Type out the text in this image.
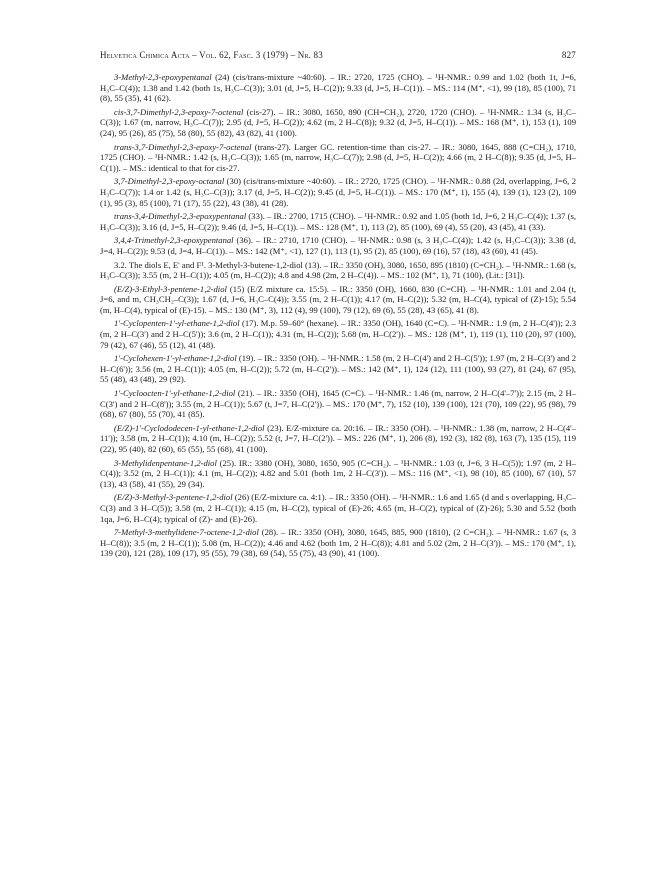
Helvetica Chimica Acta – Vol. 62, Fasc. 3 (1979) – Nr. 83	827

3-Methyl-2,3-epoxypentanal (24) (cis/trans-mixture ~40:60). – IR.: 2720, 1725 (CHO). – ¹H-NMR.: 0.99 and 1.02 (both 1t, J=6, H₃C–C(4)); 1.38 and 1.42 (both 1s, H₃C–C(3)); 3.01 (d, J=5, H–C(2)); 9.33 (d, J=5, H–C(1)). – MS.: 114 (M⁺, <1), 99 (18), 85 (100), 71 (8), 55 (35), 41 (62).

cis-3,7-Dimethyl-2,3-epoxy-7-octenal (cis-27). – IR.: 3080, 1650, 890 (CH=CH₂), 2720, 1720 (CHO). – ¹H-NMR.: 1.34 (s, H₃C–C(3)); 1.67 (m, narrow, H₃C–C(7)); 2.95 (d, J=5, H–C(2)); 4.62 (m, 2 H–C(8)); 9.32 (d, J=5, H–C(1)). – MS.: 168 (M⁺, 1), 153 (1), 109 (24), 95 (26), 85 (75), 58 (80), 55 (82), 43 (82), 41 (100).

trans-3,7-Dimethyl-2,3-epoxy-7-octenal (trans-27). Larger GC. retention-time than cis-27. – IR.: 3080, 1645, 888 (C=CH₂), 1710, 1725 (CHO). – ¹H-NMR.: 1.42 (s, H₃C–C(3)); 1.65 (m, narrow, H₃C–C(7)); 2.98 (d, J=5, H–C(2)); 4.66 (m, 2 H–C(8)); 9.35 (d, J=5, H–C(1)). – MS.: identical to that for cis-27.

3,7-Dimethyl-2,3-epoxy-octanal (30) (cis/trans-mixture ~40:60). – IR.: 2720, 1725 (CHO). – ¹H-NMR.: 0.88 (2d, overlapping, J=6, 2 H₃C–C(7)); 1.4 or 1.42 (s, H₃C–C(3)); 3.17 (d, J=5, H–C(2)); 9.45 (d, J=5, H–C(1)). – MS.: 170 (M⁺, 1), 155 (4), 139 (1), 123 (2), 109 (1), 95 (3), 85 (100), 71 (17), 55 (22), 43 (38), 41 (28).

trans-3,4-Dimethyl-2,3-epoxypentanal (33). – IR.: 2700, 1715 (CHO). – ¹H-NMR.: 0.92 and 1.05 (both 1d, J=6, 2 H₃C–C(4)); 1.37 (s, H₃C–C(3)); 3.16 (d, J=5, H–C(2)); 9.46 (d, J=5, H–C(1)). – MS.: 128 (M⁺, 1), 113 (2), 85 (100), 69 (4), 55 (20), 43 (45), 41 (33).

3,4,4-Trimethyl-2,3-epoxypentanal (36). – IR.: 2710, 1710 (CHO). – ¹H-NMR.: 0.98 (s, 3 H₃C–C(4)); 1.42 (s, H₃C–C(3)); 3.38 (d, J=4, H–C(2)); 9.53 (d, J=4, H–C(1)). – MS.: 142 (M⁺, <1), 127 (1), 113 (1), 95 (2), 85 (100), 69 (16), 57 (18), 43 (60), 41 (45).

3.2. The diols E, E' and F¹. 3-Methyl-3-butene-1,2-diol (13). – IR.: 3350 (OH), 3080, 1650, 895 (1810) (C=CH₂). – ¹H-NMR.: 1.68 (s, H₃C–C(3)); 3.55 (m, 2 H–C(1)); 4.05 (m, H–C(2)); 4.8 and 4.98 (2m, 2 H–C(4)). – MS.: 102 (M⁺, 1), 71 (100), (Lit.: [31]).

(E/Z)-3-Ethyl-3-pentene-1,2-diol (15) (E/Z mixture ca. 15:5). – IR.: 3350 (OH), 1660, 830 (C=CH). – ¹H-NMR.: 1.01 and 2.04 (t, J=6, and m, CH₃CH₂–C(3)); 1.67 (d, J=6, H₃C–C(4)); 3.55 (m, 2 H–C(1)); 4.17 (m, H–C(2)); 5.32 (m, H–C(4), typical of (Z)-15); 5.54 (m, H–C(4), typical of (E)-15). – MS.: 130 (M⁺, 3), 112 (4), 99 (100), 79 (12), 69 (6), 55 (28), 43 (65), 41 (8).

1'-Cyclopenten-1'-yl-ethane-1,2-diol (17). M.p. 59–60° (hexane). – IR.: 3350 (OH), 1640 (C=C). – ¹H-NMR.: 1.9 (m, 2 H–C(4')); 2.3 (m, 2 H–C(3') and 2 H–C(5')); 3.6 (m, 2 H–C(1)); 4.31 (m, H–C(2)); 5.68 (m, H–C(2')). – MS.: 128 (M⁺, 1), 119 (1), 110 (20), 97 (100), 79 (42), 67 (46), 55 (12), 41 (48).

1'-Cyclohexen-1'-yl-ethane-1,2-diol (19). – IR.: 3350 (OH). – ¹H-NMR.: 1.58 (m, 2 H–C(4') and 2 H–C(5')); 1.97 (m, 2 H–C(3') and 2 H–C(6')); 3.56 (m, 2 H–C(1)); 4.05 (m, H–C(2)); 5.72 (m, H–C(2')). – MS.: 142 (M⁺, 1), 124 (12), 111 (100), 93 (27), 81 (24), 67 (95), 55 (48), 43 (48), 29 (92).

1'-Cycloocten-1'-yl-ethane-1,2-diol (21). – IR.: 3350 (OH), 1645 (C=C). – ¹H-NMR.: 1.46 (m, narrow, 2 H–C(4'–7')); 2.15 (m, 2 H–C(3') and 2 H–C(8')); 3.55 (m, 2 H–C(1)); 5.67 (t, J=7, H–C(2')). – MS.: 170 (M⁺, 7), 152 (10), 139 (100), 121 (70), 109 (22), 95 (98), 79 (68), 67 (80), 55 (70), 41 (85).

(E/Z)-1'-Cyclododecen-1-yl-ethane-1,2-diol (23). E/Z-mixture ca. 20:16. – IR.: 3350 (OH). – ¹H-NMR.: 1.38 (m, narrow, 2 H–C(4'–11')); 3.58 (m, 2 H–C(1)); 4.10 (m, H–C(2)); 5.52 (t, J=7, H–C(2')). – MS.: 226 (M⁺, 1), 206 (8), 192 (3), 182 (8), 163 (7), 135 (15), 119 (22), 95 (40), 82 (60), 65 (55), 55 (68), 41 (100).

3-Methylidenpentane-1,2-diol (25). IR.: 3380 (OH), 3080, 1650, 905 (C=CH₂). – ¹H-NMR.: 1.03 (t, J=6, 3 H–C(5)); 1.97 (m, 2 H–C(4)); 3.52 (m, 2 H–C(1)); 4.1 (m, H–C(2)); 4.82 and 5.01 (both 1m, 2 H–C(3')). – MS.: 116 (M⁺, <1), 98 (10), 85 (100), 67 (10), 57 (13), 43 (58), 41 (55), 29 (34).

(E/Z)-3-Methyl-3-pentene-1,2-diol (26) (E/Z-mixture ca. 4:1). – IR.: 3350 (OH). – ¹H-NMR.: 1.6 and 1.65 (d and s overlapping, H₃C–C(3) and 3 H–C(5)); 3.58 (m, 2 H–C(1)); 4.15 (m, H–C(2), typical of (E)-26; 4.65 (m, H–C(2), typical of (Z)-26); 5.30 and 5.52 (both 1qa, J=6, H–C(4); typical of (Z)- and (E)-26).

7-Methyl-3-methylidene-7-octene-1,2-diol (28). – IR.: 3350 (OH), 3080, 1645, 885, 900 (1810), (2 C=CH₂). – ¹H-NMR.: 1.67 (s, 3 H–C(8)); 3.5 (m, 2 H–C(1)); 5.08 (m, H–C(2)); 4.46 and 4.62 (both 1m, 2 H–C(8)); 4.81 and 5.02 (2m, 2 H–C(3')). – MS.: 170 (M⁺, 1), 139 (20), 121 (28), 109 (17), 95 (55), 79 (38), 69 (54), 55 (75), 43 (90), 41 (100).
